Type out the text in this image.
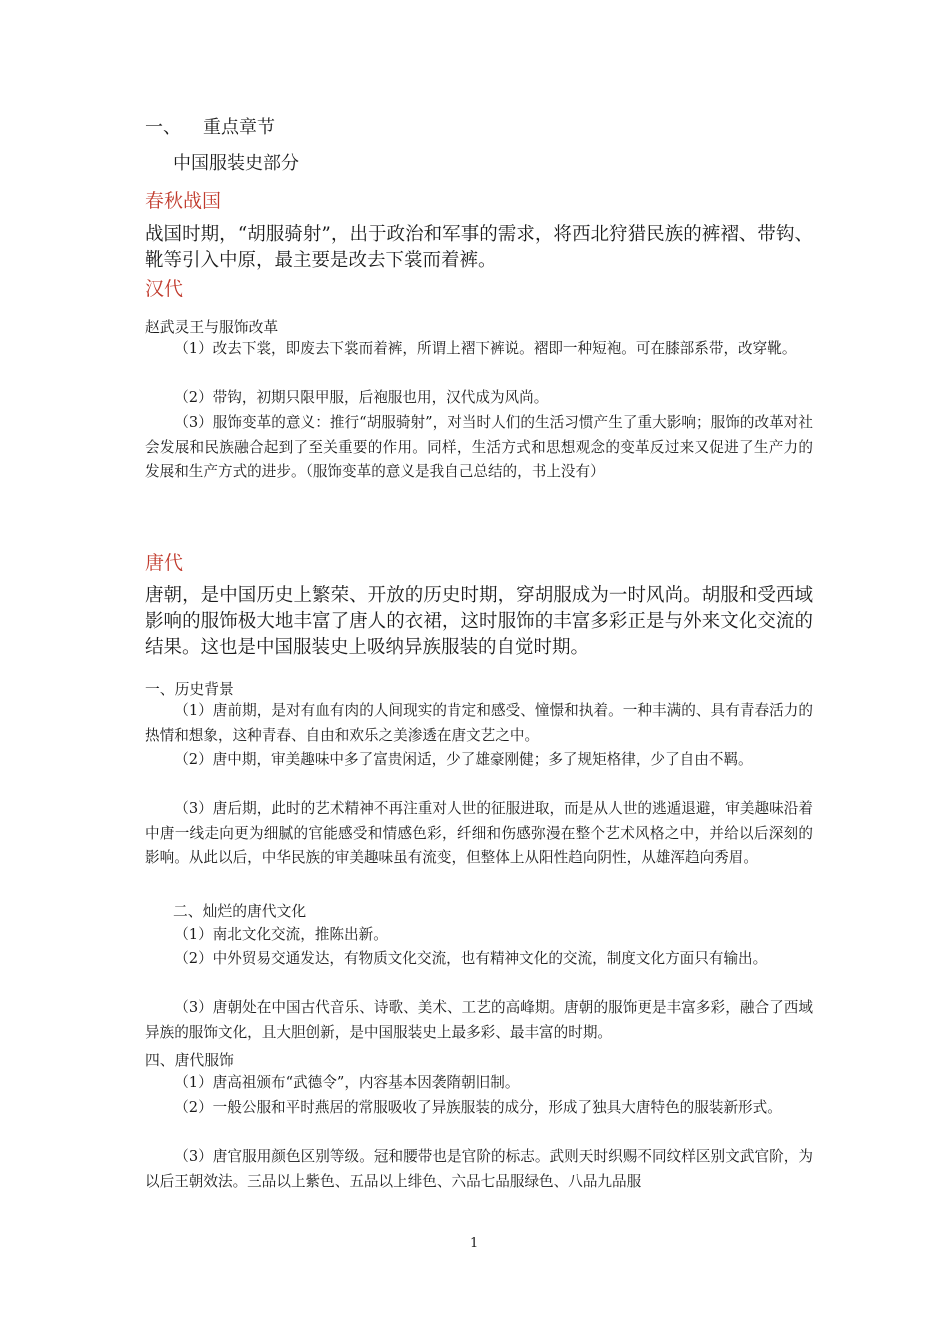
一、 重点章节
中国服装史部分
春秋战国

战国时期，“胡服骑射”，出于政治和军事的需求，将西北狩猎民族的裤褶、带钩、靴等引入中原，最主要是改去下裳而着裤。

汉代
赵武灵王与服饰改革

（1）改去下裳，即废去下裳而着裤，所谓上褶下裤说。褶即一种短袍。可在膝部系带，改穿靴。

（2）带钩，初期只限甲服，后袍服也用，汉代成为风尚。

（3）服饰变革的意义：推行“胡服骑射”，对当时人们的生活习惯产生了重大影响；服饰的改革对社会发展和民族融合起到了至关重要的作用。同样，生活方式和思想观念的变革反过来又促进了生产力的发展和生产方式的进步。（服饰变革的意义是我自己总结的，书上没有）

唐代

唐朝，是中国历史上繁荣、开放的历史时期，穿胡服成为一时风尚。胡服和受西域影响的服饰极大地丰富了唐人的衣裙，这时服饰的丰富多彩正是与外来文化交流的结果。这也是中国服装史上吸纳异族服装的自觉时期。

一、历史背景

（1）唐前期，是对有血有肉的人间现实的肯定和感受、憧憬和执着。一种丰满的、具有青春活力的热情和想象，这种青春、自由和欢乐之美渗透在唐文艺之中。

（2）唐中期，审美趣味中多了富贵闲适，少了雄豪刚健；多了规矩格律，少了自由不羁。

（3）唐后期，此时的艺术精神不再注重对人世的征服进取，而是从人世的逃遁退避，审美趣味沿着中唐一线走向更为细腻的官能感受和情感色彩，纤细和伤感弥漫在整个艺术风格之中，并给以后深刻的影响。从此以后，中华民族的审美趣味虽有流变，但整体上从阳性趋向阴性，从雄浑趋向秀眉。

二、灿烂的唐代文化

（1）南北文化交流，推陈出新。

（2）中外贸易交通发达，有物质文化交流，也有精神文化的交流，制度文化方面只有输出。

（3）唐朝处在中国古代音乐、诗歌、美术、工艺的高峰期。唐朝的服饰更是丰富多彩，融合了西域异族的服饰文化，且大胆创新，是中国服装史上最多彩、最丰富的时期。

四、唐代服饰

（1）唐高祖颁布“武德令”，内容基本因袭隋朝旧制。

（2）一般公服和平时燕居的常服吸收了异族服装的成分，形成了独具大唐特色的服装新形式。

（3）唐官服用颜色区别等级。冠和腰带也是官阶的标志。武则天时织赐不同纹样区别文武官阶，为以后王朝效法。三品以上紫色、五品以上绯色、六品七品服绿色、八品九品服

1
